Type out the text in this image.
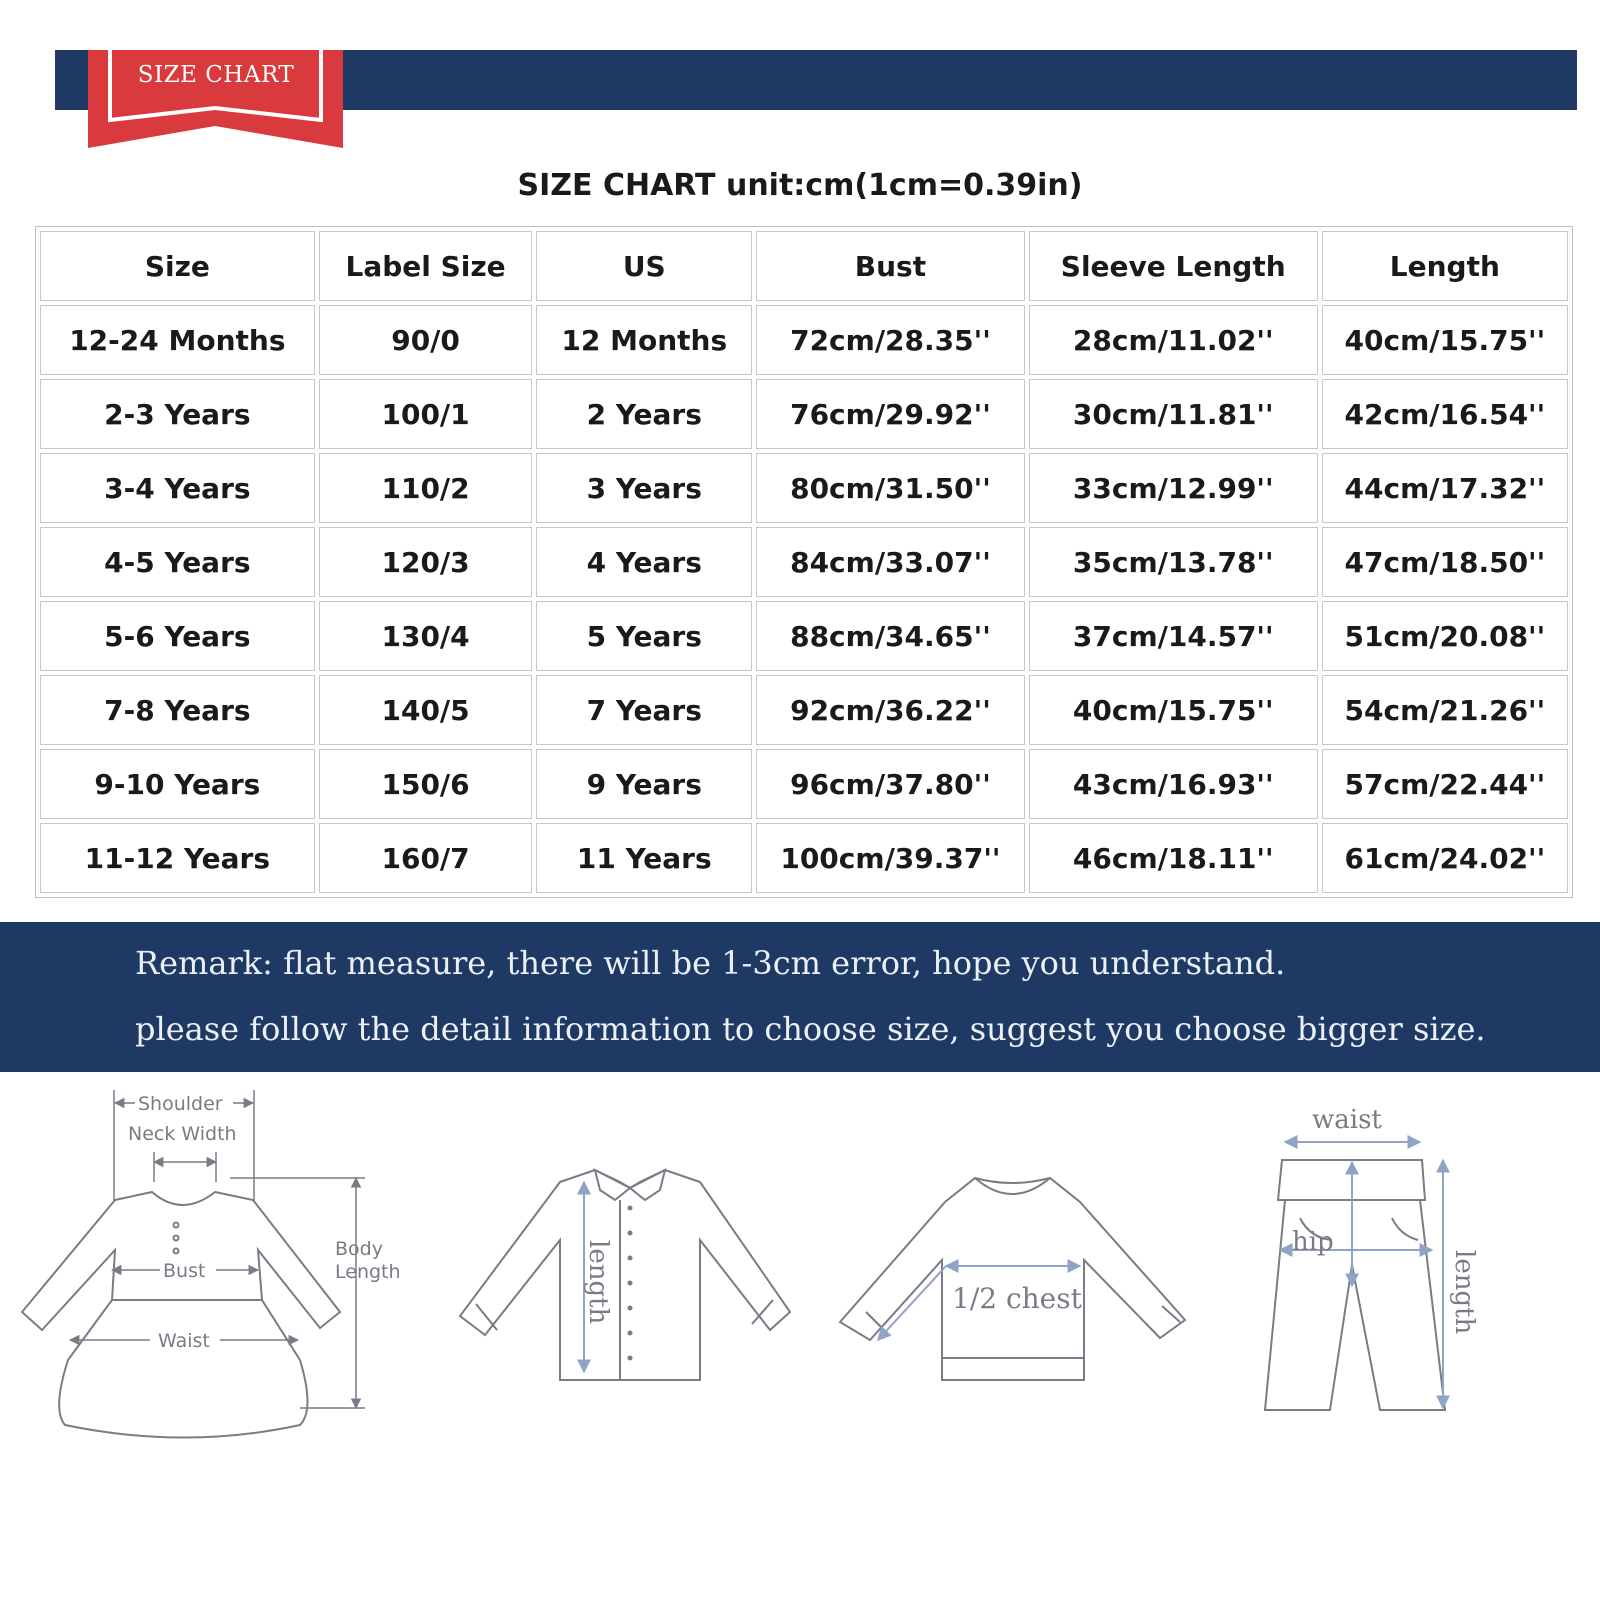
SIZE CHART
SIZE CHART unit:cm(1cm=0.39in)
Size	Label Size	US	Bust	Sleeve Length	Length
12-24 Months	90/0	12 Months	72cm/28.35''	28cm/11.02''	40cm/15.75''
2-3 Years	100/1	2 Years	76cm/29.92''	30cm/11.81''	42cm/16.54''
3-4 Years	110/2	3 Years	80cm/31.50''	33cm/12.99''	44cm/17.32''
4-5 Years	120/3	4 Years	84cm/33.07''	35cm/13.78''	47cm/18.50''
5-6 Years	130/4	5 Years	88cm/34.65''	37cm/14.57''	51cm/20.08''
7-8 Years	140/5	7 Years	92cm/36.22''	40cm/15.75''	54cm/21.26''
9-10 Years	150/6	9 Years	96cm/37.80''	43cm/16.93''	57cm/22.44''
11-12 Years	160/7	11 Years	100cm/39.37''	46cm/18.11''	61cm/24.02''
Remark: flat measure, there will be 1-3cm error, hope you understand.
please follow the detail information to choose size, suggest you choose bigger size.
Shoulder
Neck Width
Bust
Waist
Body
Length	length	1/2 chest
waist
hip
length
